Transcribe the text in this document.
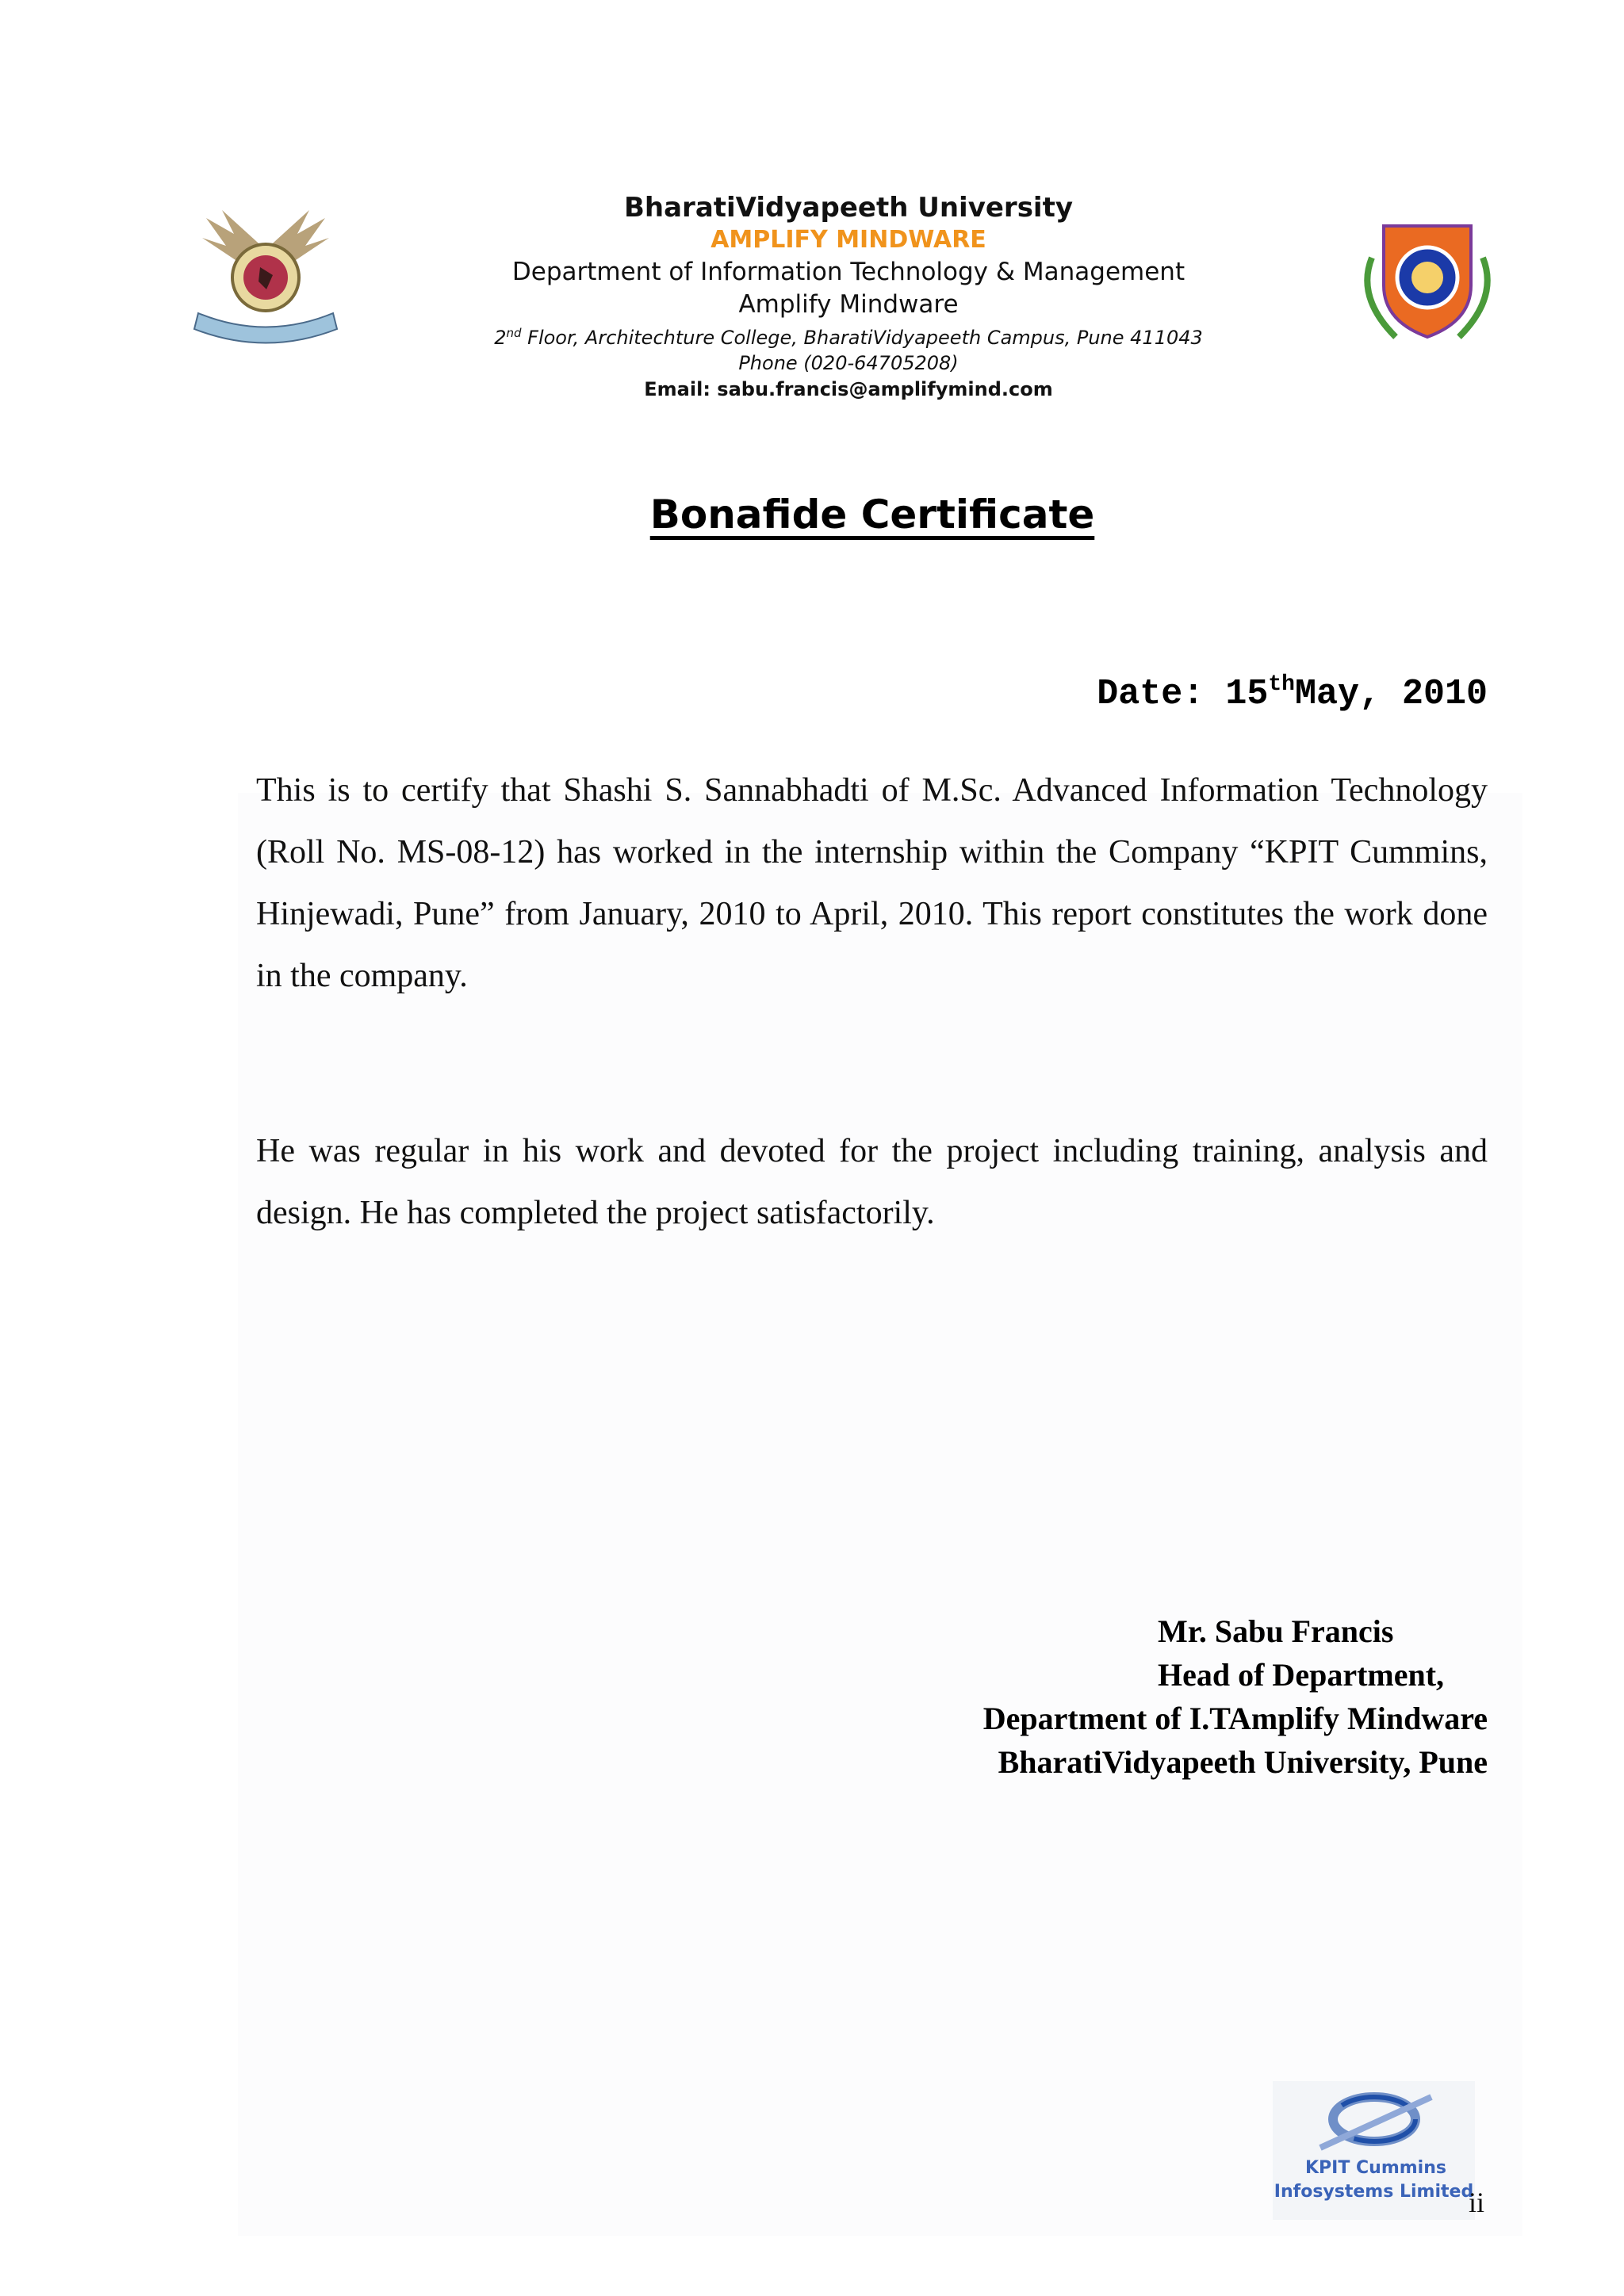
BharatiVidyapeeth University
AMPLIFY MINDWARE
Department of Information Technology & Management
Amplify Mindware
2nd Floor, Architechture College, BharatiVidyapeeth Campus, Pune 411043
Phone (020-64705208)
Email: sabu.francis@amplifymind.com
Bonafide Certificate
Date: 15thMay, 2010
This is to certify that Shashi S. Sannabhadti of M.Sc. Advanced Information Technology (Roll No. MS-08-12) has worked in the internship within the Company “KPIT Cummins, Hinjewadi, Pune” from January, 2010 to April, 2010. This report constitutes the work done in the company.
He was regular in his work and devoted for the project including training, analysis and design. He has completed the project satisfactorily.
Mr. Sabu Francis
Head of Department,
Department of I.TAmplify Mindware
BharatiVidyapeeth University, Pune
KPIT Cummins
Infosystems Limited
ii
